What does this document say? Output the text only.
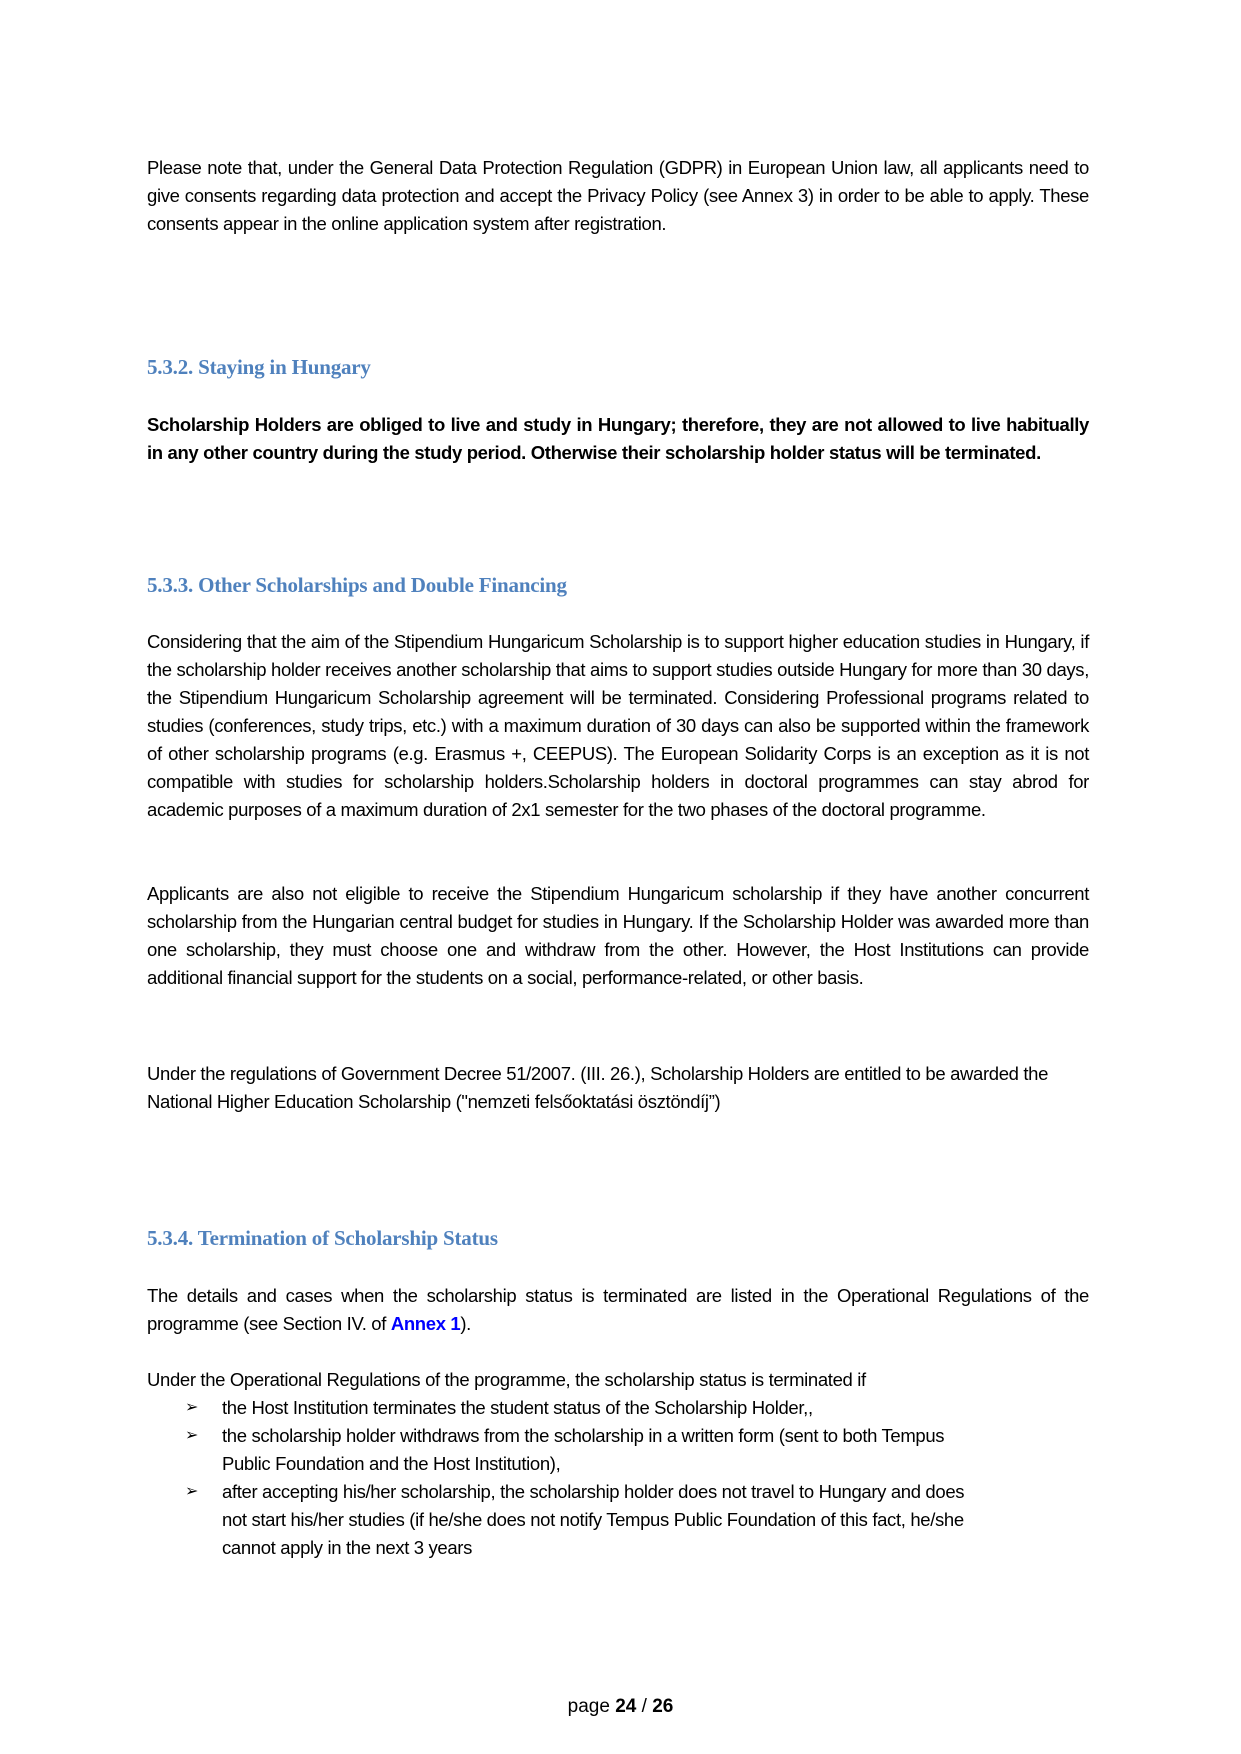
Please note that, under the General Data Protection Regulation (GDPR) in European Union law, all applicants need to give consents regarding data protection and accept the Privacy Policy (see Annex 3) in order to be able to apply. These consents appear in the online application system after registration.

5.3.2. Staying in Hungary

Scholarship Holders are obliged to live and study in Hungary; therefore, they are not allowed to live habitually in any other country during the study period. Otherwise their scholarship holder status will be terminated.

5.3.3. Other Scholarships and Double Financing

Considering that the aim of the Stipendium Hungaricum Scholarship is to support higher education studies in Hungary, if the scholarship holder receives another scholarship that aims to support studies outside Hungary for more than 30 days, the Stipendium Hungaricum Scholarship agreement will be terminated. Considering Professional programs related to studies (conferences, study trips, etc.) with a maximum duration of 30 days can also be supported within the framework of other scholarship programs (e.g. Erasmus +, CEEPUS). The European Solidarity Corps is an exception as it is not compatible with studies for scholarship holders.Scholarship holders in doctoral programmes can stay abrod for academic purposes of a maximum duration of 2x1 semester for the two phases of the doctoral programme.

Applicants are also not eligible to receive the Stipendium Hungaricum scholarship if they have another concurrent scholarship from the Hungarian central budget for studies in Hungary. If the Scholarship Holder was awarded more than one scholarship, they must choose one and withdraw from the other. However, the Host Institutions can provide additional financial support for the students on a social, performance-related, or other basis.

Under the regulations of Government Decree 51/2007. (III. 26.), Scholarship Holders are entitled to be awarded the National Higher Education Scholarship ("nemzeti felsőoktatási ösztöndíj”)

5.3.4. Termination of Scholarship Status

The details and cases when the scholarship status is terminated are listed in the Operational Regulations of the programme (see Section IV. of Annex 1).

Under the Operational Regulations of the programme, the scholarship status is terminated if

➢ the Host Institution terminates the student status of the Scholarship Holder,,
➢ the scholarship holder withdraws from the scholarship in a written form (sent to both Tempus Public Foundation and the Host Institution),
➢ after accepting his/her scholarship, the scholarship holder does not travel to Hungary and does not start his/her studies (if he/she does not notify Tempus Public Foundation of this fact, he/she cannot apply in the next 3 years
page 24 / 26
